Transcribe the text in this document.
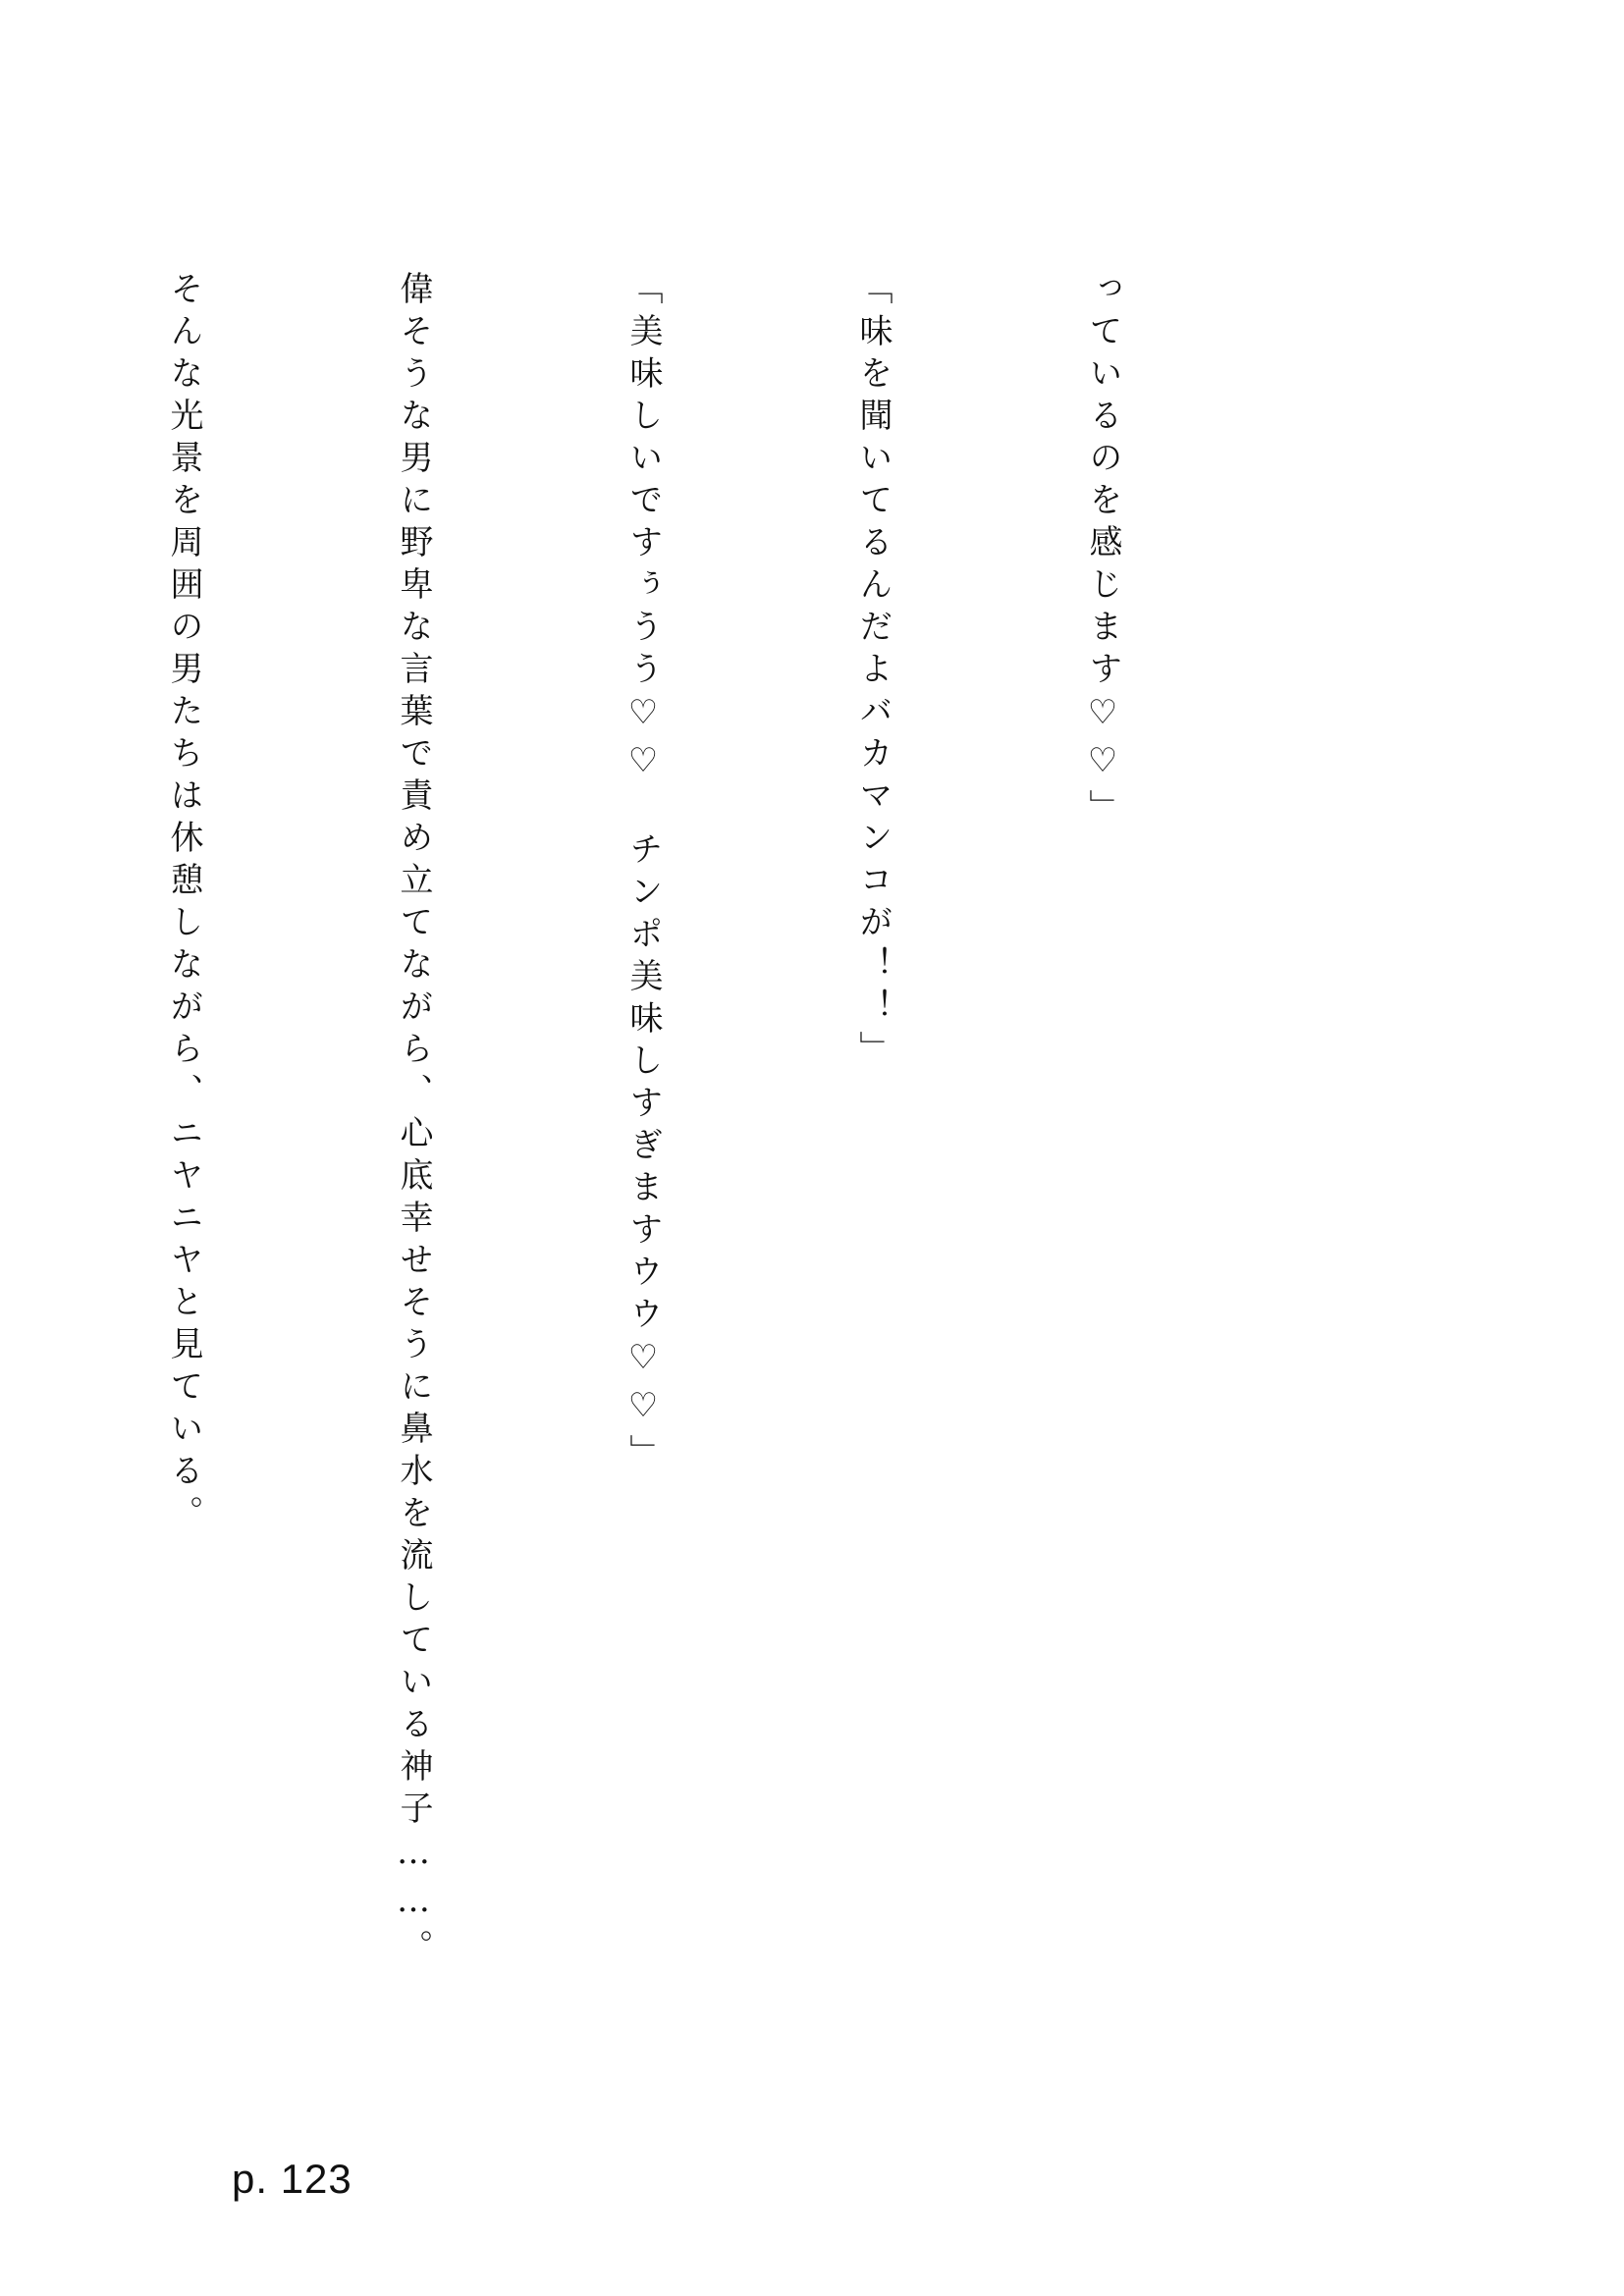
っているのを感じます♡♡」

「味を聞いてるんだよバカマンコが！！」

「美味しいですぅうう♡♡　チンポ美味しすぎますウウ♡♡」

偉そうな男に野卑な言葉で責め立てながら、心底幸せそうに鼻水を流している神子……。

そんな光景を周囲の男たちは休憩しながら、ニヤニヤと見ている。

p. 123
